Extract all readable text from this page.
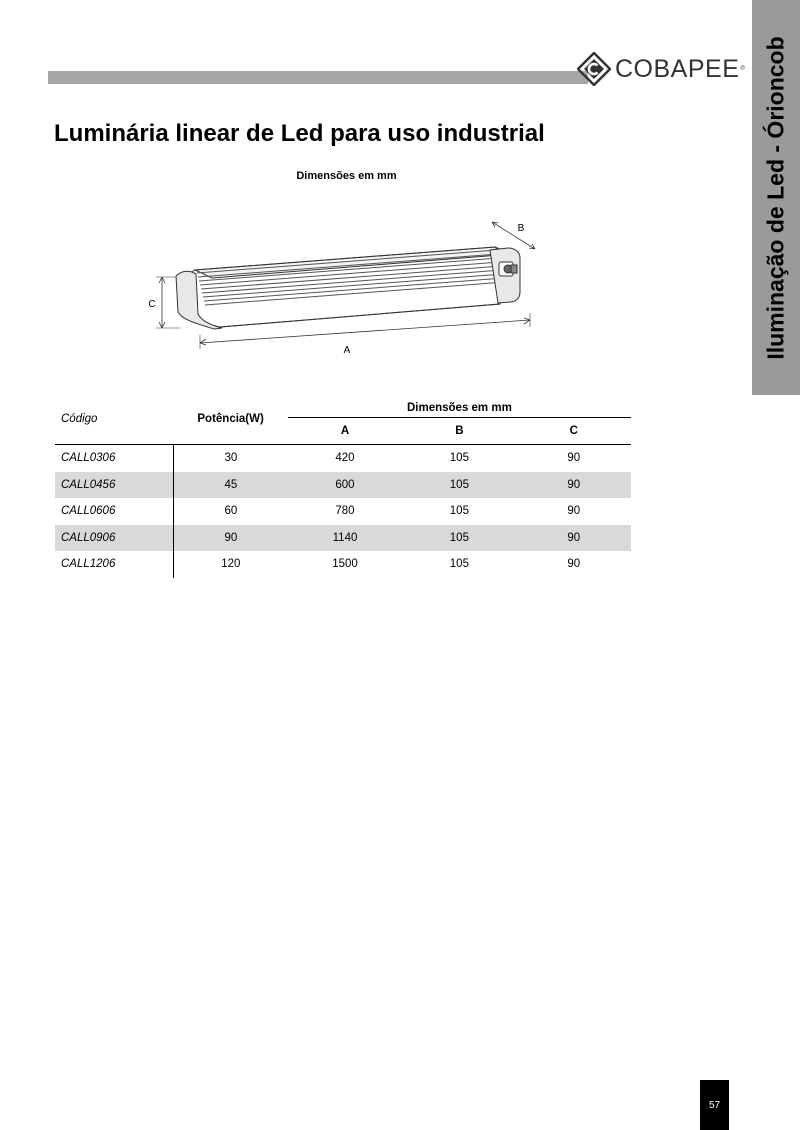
COBAPEE ® Iluminação de Led - Órioncob
Luminária linear de Led para uso industrial
Dimensões em mm
A
B
C
Código	Potência(W)	Dimensões em mm		
		A	B	C
CALL0306	30	420	105	90
CALL0456	45	600	105	90
CALL0606	60	780	105	90
CALL0906	90	1140	105	90
CALL1206	120	1500	105	90
57
